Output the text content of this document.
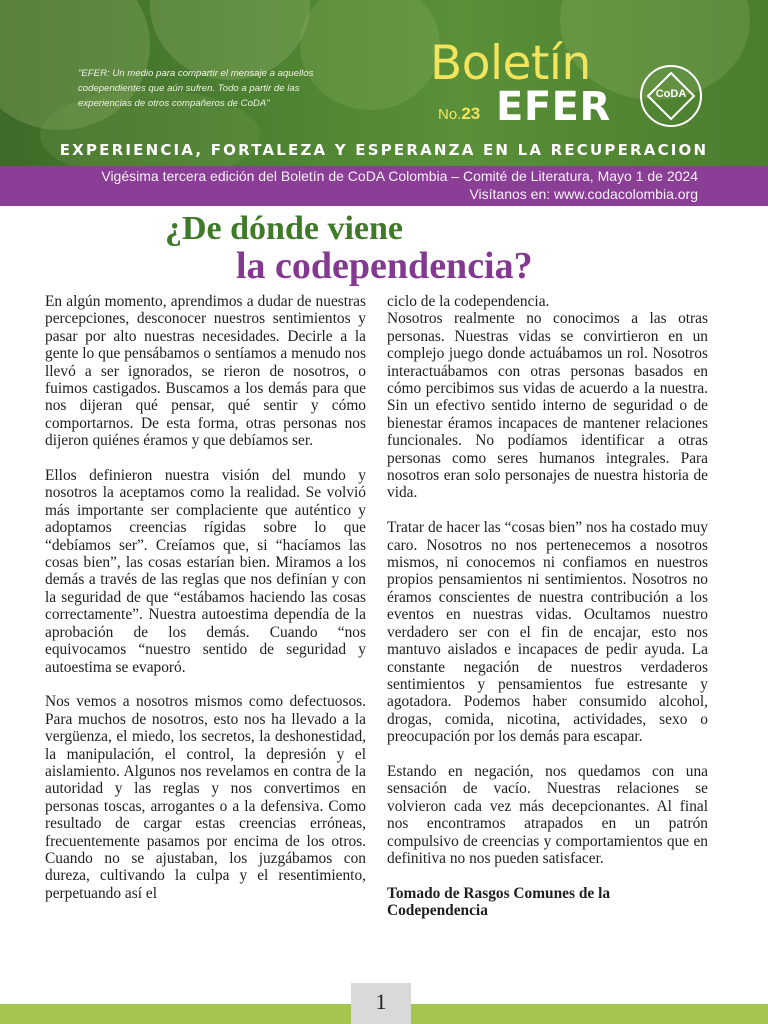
"EFER: Un medio para compartir el mensaje a aquellos codependientes que aún sufren. Todo a partir de las experiencias de otros compañeros de CoDA"
Boletín
No.23 EFER	CoDA
EXPERIENCIA, FORTALEZA Y ESPERANZA EN LA RECUPERACION
Vigésima tercera edición del Boletín de CoDA Colombia – Comité de Literatura, Mayo 1 de 2024
Visítanos en: www.codacolombia.org
¿De dónde viene
la codependencia?

En algún momento, aprendimos a dudar de nuestras percepciones, desconocer nuestros sentimientos y pasar por alto nuestras necesidades. Decirle a la gente lo que pensábamos o sentíamos a menudo nos llevó a ser ignorados, se rieron de nosotros, o fuimos castigados. Buscamos a los demás para que nos dijeran qué pensar, qué sentir y cómo comportarnos. De esta forma, otras personas nos dijeron quiénes éramos y que debíamos ser.

Ellos definieron nuestra visión del mundo y nosotros la aceptamos como la realidad. Se volvió más importante ser complaciente que auténtico y adoptamos creencias rígidas sobre lo que “debíamos ser”. Creíamos que, si “hacíamos las cosas bien”, las cosas estarían bien. Miramos a los demás a través de las reglas que nos definían y con la seguridad de que “estábamos haciendo las cosas correctamente”. Nuestra autoestima dependía de la aprobación de los demás. Cuando “nos equivocamos “nuestro sentido de seguridad y autoestima se evaporó.

Nos vemos a nosotros mismos como defectuosos. Para muchos de nosotros, esto nos ha llevado a la vergüenza, el miedo, los secretos, la deshonestidad, la manipulación, el control, la depresión y el aislamiento. Algunos nos revelamos en contra de la autoridad y las reglas y nos convertimos en personas toscas, arrogantes o a la defensiva. Como resultado de cargar estas creencias erróneas, frecuentemente pasamos por encima de los otros. Cuando no se ajustaban, los juzgábamos con dureza, cultivando la culpa y el resentimiento, perpetuando así el

ciclo de la codependencia.

Nosotros realmente no conocimos a las otras personas. Nuestras vidas se convirtieron en un complejo juego donde actuábamos un rol. Nosotros interactuábamos con otras personas basados en cómo percibimos sus vidas de acuerdo a la nuestra. Sin un efectivo sentido interno de seguridad o de bienestar éramos incapaces de mantener relaciones funcionales. No podíamos identificar a otras personas como seres humanos integrales. Para nosotros eran solo personajes de nuestra historia de vida.

Tratar de hacer las “cosas bien” nos ha costado muy caro. Nosotros no nos pertenecemos a nosotros mismos, ni conocemos ni confiamos en nuestros propios pensamientos ni sentimientos. Nosotros no éramos conscientes de nuestra contribución a los eventos en nuestras vidas. Ocultamos nuestro verdadero ser con el fin de encajar, esto nos mantuvo aislados e incapaces de pedir ayuda. La constante negación de nuestros verdaderos sentimientos y pensamientos fue estresante y agotadora. Podemos haber consumido alcohol, drogas, comida, nicotina, actividades, sexo o preocupación por los demás para escapar.

Estando en negación, nos quedamos con una sensación de vacío. Nuestras relaciones se volvieron cada vez más decepcionantes. Al final nos encontramos atrapados en un patrón compulsivo de creencias y comportamientos que en definitiva no nos pueden satisfacer.

Tomado de Rasgos Comunes de la Codependencia

1
